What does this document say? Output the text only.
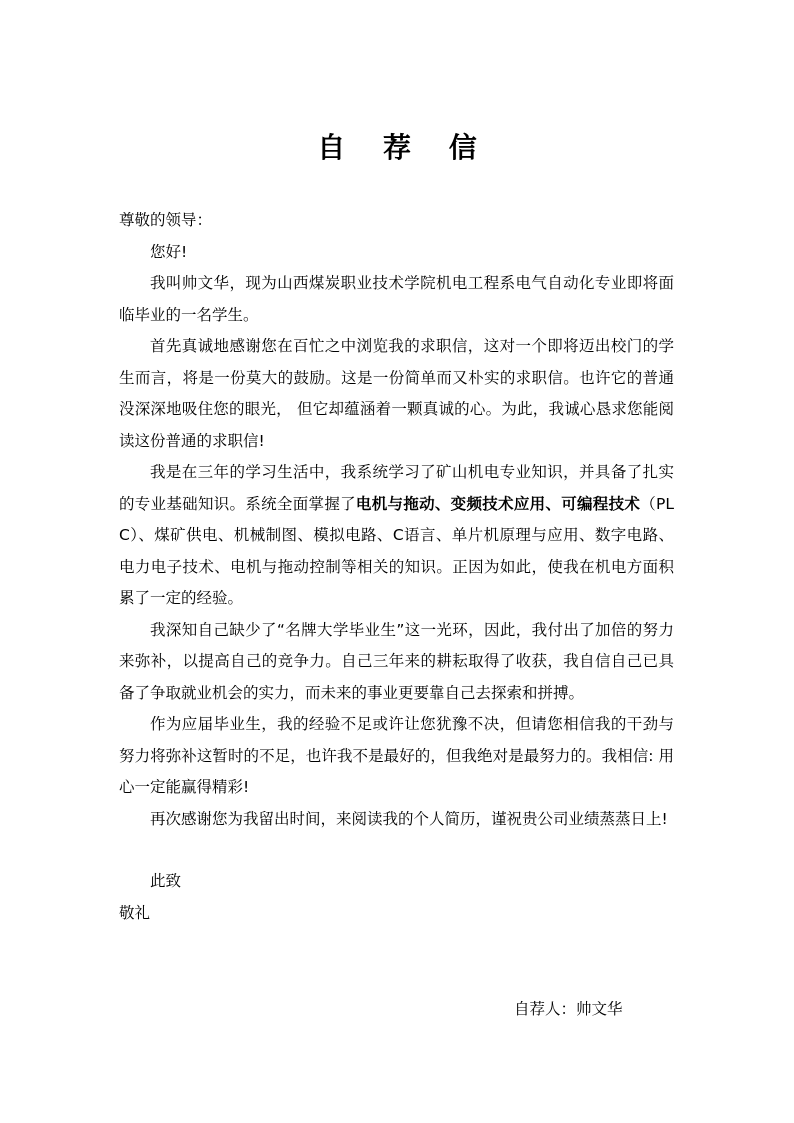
自 荐 信

尊敬的领导：

您好!

我叫帅文华，现为山西煤炭职业技术学院机电工程系电气自动化专业即将面临毕业的一名学生。

首先真诚地感谢您在百忙之中浏览我的求职信，这对一个即将迈出校门的学生而言，将是一份莫大的鼓励。这是一份简单而又朴实的求职信。也许它的普通没深深地吸住您的眼光， 但它却蕴涵着一颗真诚的心。为此，我诚心恳求您能阅读这份普通的求职信!

我是在三年的学习生活中，我系统学习了矿山机电专业知识，并具备了扎实的专业基础知识。系统全面掌握了电机与拖动、变频技术应用、可编程技术（PLC）、煤矿供电、机械制图、模拟电路、C语言、单片机原理与应用、数字电路、电力电子技术、电机与拖动控制等相关的知识。正因为如此，使我在机电方面积累了一定的经验。

我深知自己缺少了“名牌大学毕业生”这一光环，因此，我付出了加倍的努力来弥补，以提高自己的竞争力。自己三年来的耕耘取得了收获，我自信自己已具备了争取就业机会的实力，而未来的事业更要靠自己去探索和拼搏。

作为应届毕业生，我的经验不足或许让您犹豫不决，但请您相信我的干劲与努力将弥补这暂时的不足，也许我不是最好的，但我绝对是最努力的。我相信: 用心一定能赢得精彩!

再次感谢您为我留出时间，来阅读我的个人简历，谨祝贵公司业绩蒸蒸日上!

此致

敬礼

自荐人：帅文华
